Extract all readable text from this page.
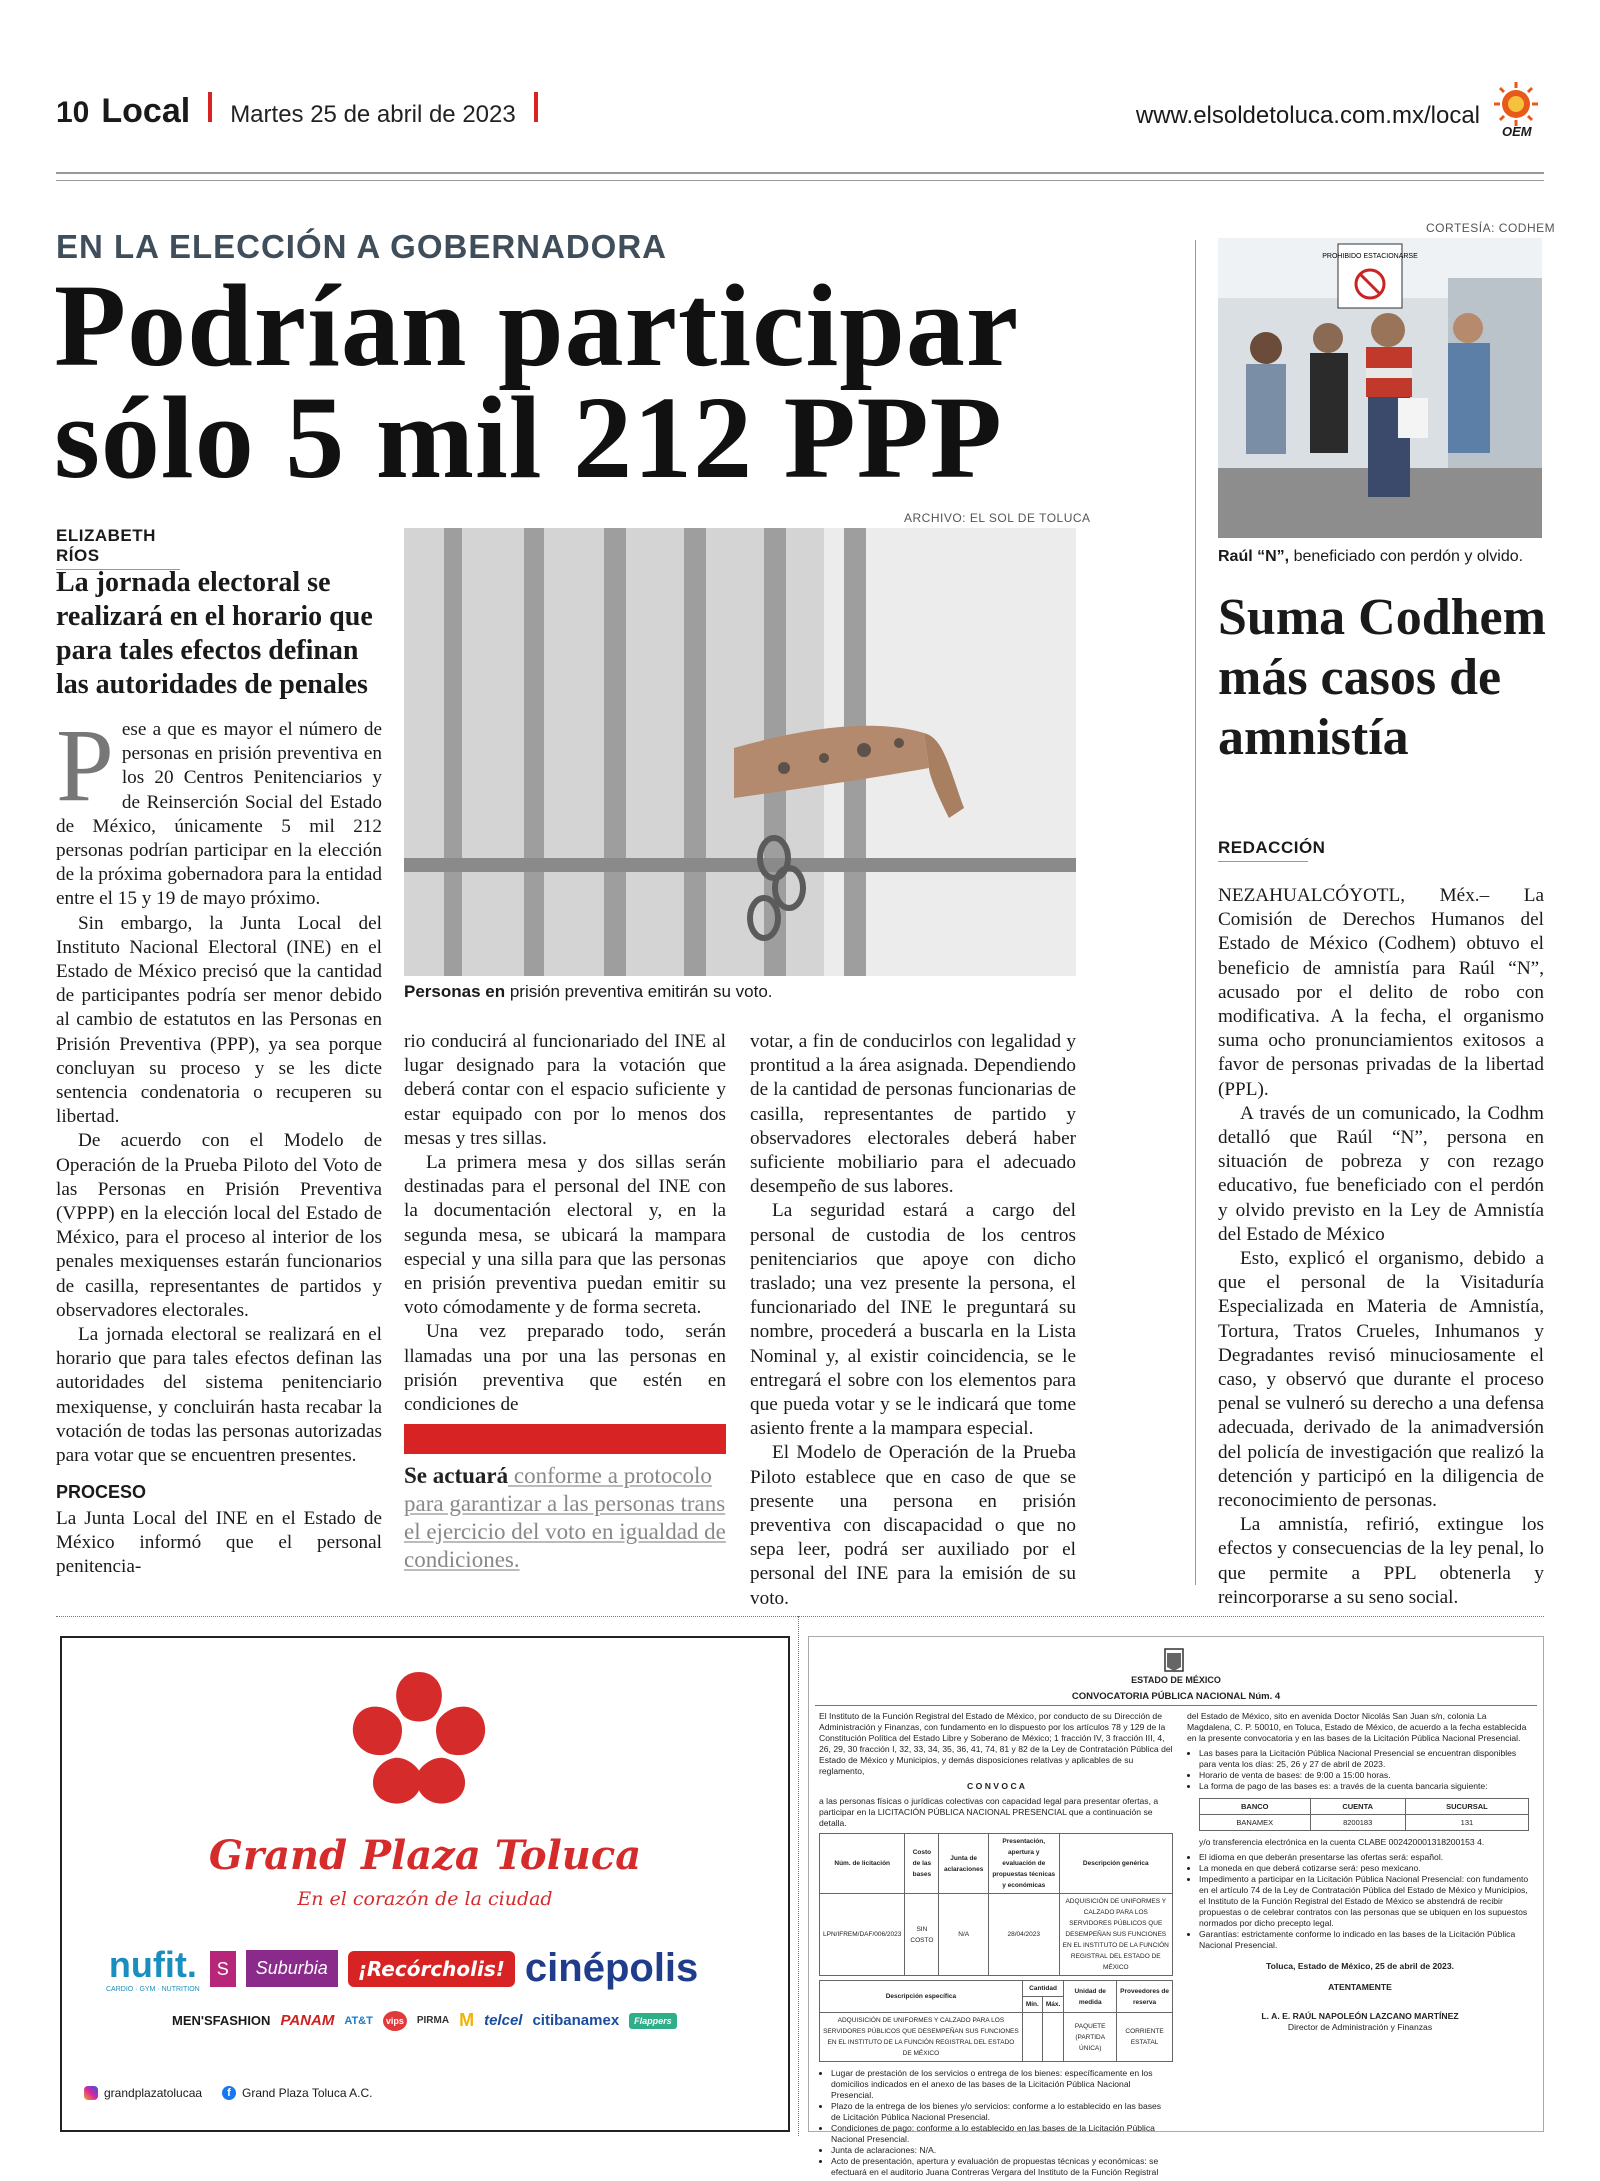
10 Local Martes 25 de abril de 2023	www.elsoldetoluca.com.mx/local
OEM
EN LA ELECCIÓN A GOBERNADORA
Podrían participar
sólo 5 mil 212 PPP
ELIZABETH RÍOS
La jornada electoral se realizará en el horario que para tales efectos definan las autoridades de penales
ARCHIVO: EL SOL DE TOLUCA
Personas en prisión preventiva emitirán su voto.

Pese a que es mayor el número de personas en prisión preventiva en los 20 Centros Penitenciarios y de Reinserción Social del Estado de México, únicamente 5 mil 212 personas podrían participar en la elección de la próxima gobernadora para la entidad entre el 15 y 19 de mayo próximo.

Sin embargo, la Junta Local del Instituto Nacional Electoral (INE) en el Estado de México precisó que la cantidad de participantes podría ser menor debido al cambio de estatutos en las Personas en Prisión Preventiva (PPP), ya sea porque concluyan su proceso y se les dicte sentencia condenatoria o recuperen su libertad.

De acuerdo con el Modelo de Operación de la Prueba Piloto del Voto de las Personas en Prisión Preventiva (VPPP) en la elección local del Estado de México, para el proceso al interior de los penales mexiquenses estarán funcionarios de casilla, representantes de partidos y observadores electorales.

La jornada electoral se realizará en el horario que para tales efectos definan las autoridades del sistema penitenciario mexiquense, y concluirán hasta recabar la votación de todas las personas autorizadas para votar que se encuentren presentes.

PROCESO

La Junta Local del INE en el Estado de México informó que el personal penitencia-

rio conducirá al funcionariado del INE al lugar designado para la votación que deberá contar con el espacio suficiente y estar equipado con por lo menos dos mesas y tres sillas.

La primera mesa y dos sillas serán destinadas para el personal del INE con la documentación electoral y, en la segunda mesa, se ubicará la mampara especial y una silla para que las personas en prisión preventiva puedan emitir su voto cómodamente y de forma secreta.

Una vez preparado todo, serán llamadas una por una las personas en prisión preventiva que estén en condiciones de

Se actuará conforme a protocolo para garantizar a las personas trans el ejercicio del voto en igualdad de condiciones.

votar, a fin de conducirlos con legalidad y prontitud a la área asignada. Dependiendo de la cantidad de personas funcionarias de casilla, representantes de partido y observadores electorales deberá haber suficiente mobiliario para el adecuado desempeño de sus labores.

La seguridad estará a cargo del personal de custodia de los centros penitenciarios que apoye con dicho traslado; una vez presente la persona, el funcionariado del INE le preguntará su nombre, procederá a buscarla en la Lista Nominal y, al existir coincidencia, se le entregará el sobre con los elementos para que pueda votar y se le indicará que tome asiento frente a la mampara especial.

El Modelo de Operación de la Prueba Piloto establece que en caso de que se presente una persona en prisión preventiva con discapacidad o que no sepa leer, podrá ser auxiliado por el personal del INE para la emisión de su voto.

CORTESÍA: CODHEM
PROHIBIDO ESTACIONARSE
Raúl “N”, beneficiado con perdón y olvido.
Suma Codhem más casos de amnistía
REDACCIÓN

NEZAHUALCÓYOTL, Méx.– La Comisión de Derechos Humanos del Estado de México (Codhem) obtuvo el beneficio de amnistía para Raúl “N”, acusado por el delito de robo con modificativa. A la fecha, el organismo suma ocho pronunciamientos exitosos a favor de personas privadas de la libertad (PPL).

A través de un comunicado, la Codhm detalló que Raúl “N”, persona en situación de pobreza y con rezago educativo, fue beneficiado con el perdón y olvido previsto en la Ley de Amnistía del Estado de México

Esto, explicó el organismo, debido a que el personal de la Visitaduría Especializada en Materia de Amnistía, Tortura, Tratos Crueles, Inhumanos y Degradantes revisó minuciosamente el caso, y observó que durante el proceso penal se vulneró su derecho a una defensa adecuada, derivado de la animadversión del policía de investigación que realizó la detención y participó en la diligencia de reconocimiento de personas.

La amnistía, refirió, extingue los efectos y consecuencias de la ley penal, lo que permite a PPL obtenerla y reincorporarse a su seno social.

Grand Plaza Toluca
En el corazón de la ciudad
nufit.
CARDIO · GYM · NUTRITION
S	Suburbia	¡Recórcholis! cinépolis
MEN'SFASHION PANAM AT&T	vips	PIRMA M telcel citibanamex	Flappers
grandplazatolucaa	f Grand Plaza Toluca A.C.
ESTADO DE MÉXICO
CONVOCATORIA PÚBLICA NACIONAL Núm. 4

El Instituto de la Función Registral del Estado de México, por conducto de su Dirección de Administración y Finanzas, con fundamento en lo dispuesto por los artículos 78 y 129 de la Constitución Política del Estado Libre y Soberano de México; 1 fracción IV, 3 fracción III, 4, 26, 29, 30 fracción I, 32, 33, 34, 35, 36, 41, 74, 81 y 82 de la Ley de Contratación Pública del Estado de México y Municipios, y demás disposiciones relativas y aplicables de su reglamento,

C O N V O C A

a las personas físicas o jurídicas colectivas con capacidad legal para presentar ofertas, a participar en la LICITACIÓN PÚBLICA NACIONAL PRESENCIAL que a continuación se detalla.

Núm. de licitación	Costo de las bases	Junta de aclaraciones	Presentación, apertura y evaluación de propuestas técnicas y económicas	Descripción genérica
LPN/IFREM/DAF/006/2023	SIN COSTO	N/A	28/04/2023	ADQUISICIÓN DE UNIFORMES Y CALZADO PARA LOS SERVIDORES PÚBLICOS QUE DESEMPEÑAN SUS FUNCIONES EN EL INSTITUTO DE LA FUNCIÓN REGISTRAL DEL ESTADO DE MÉXICO
Descripción específica	Cantidad		Unidad de medida	Proveedores de reserva
	Mín.	Máx.		
ADQUISICIÓN DE UNIFORMES Y CALZADO PARA LOS SERVIDORES PÚBLICOS QUE DESEMPEÑAN SUS FUNCIONES EN EL INSTITUTO DE LA FUNCIÓN REGISTRAL DEL ESTADO DE MÉXICO			PAQUETE (PARTIDA ÚNICA)	CORRIENTE ESTATAL
• Lugar de prestación de los servicios o entrega de los bienes: específicamente en los domicilios indicados en el anexo de las bases de la Licitación Pública Nacional Presencial.
• Plazo de la entrega de los bienes y/o servicios: conforme a lo establecido en las bases de Licitación Pública Nacional Presencial.
• Condiciones de pago: conforme a lo establecido en las bases de la Licitación Pública Nacional Presencial.
• Junta de aclaraciones: N/A.
• Acto de presentación, apertura y evaluación de propuestas técnicas y económicas: se efectuará en el auditorio Juana Contreras Vergara del Instituto de la Función Registral

del Estado de México, sito en avenida Doctor Nicolás San Juan s/n, colonia La Magdalena, C. P. 50010, en Toluca, Estado de México, de acuerdo a la fecha establecida en la presente convocatoria y en las bases de la Licitación Pública Nacional Presencial.

• Las bases para la Licitación Pública Nacional Presencial se encuentran disponibles para venta los días: 25, 26 y 27 de abril de 2023.
• Horario de venta de bases: de 9:00 a 15:00 horas.
• La forma de pago de las bases es: a través de la cuenta bancaria siguiente:
BANCO	CUENTA	SUCURSAL
BANAMEX	8200183	131

y/o transferencia electrónica en la cuenta CLABE 002420001318200153 4.

• El idioma en que deberán presentarse las ofertas será: español.
• La moneda en que deberá cotizarse será: peso mexicano.
• Impedimento a participar en la Licitación Pública Nacional Presencial: con fundamento en el artículo 74 de la Ley de Contratación Pública del Estado de México y Municipios, el Instituto de la Función Registral del Estado de México se abstendrá de recibir propuestas o de celebrar contratos con las personas que se ubiquen en los supuestos normados por dicho precepto legal.
• Garantías: estrictamente conforme lo indicado en las bases de la Licitación Pública Nacional Presencial.

Toluca, Estado de México, 25 de abril de 2023.

ATENTAMENTE

L. A. E. RAÚL NAPOLEÓN LAZCANO MARTÍNEZ

Director de Administración y Finanzas
